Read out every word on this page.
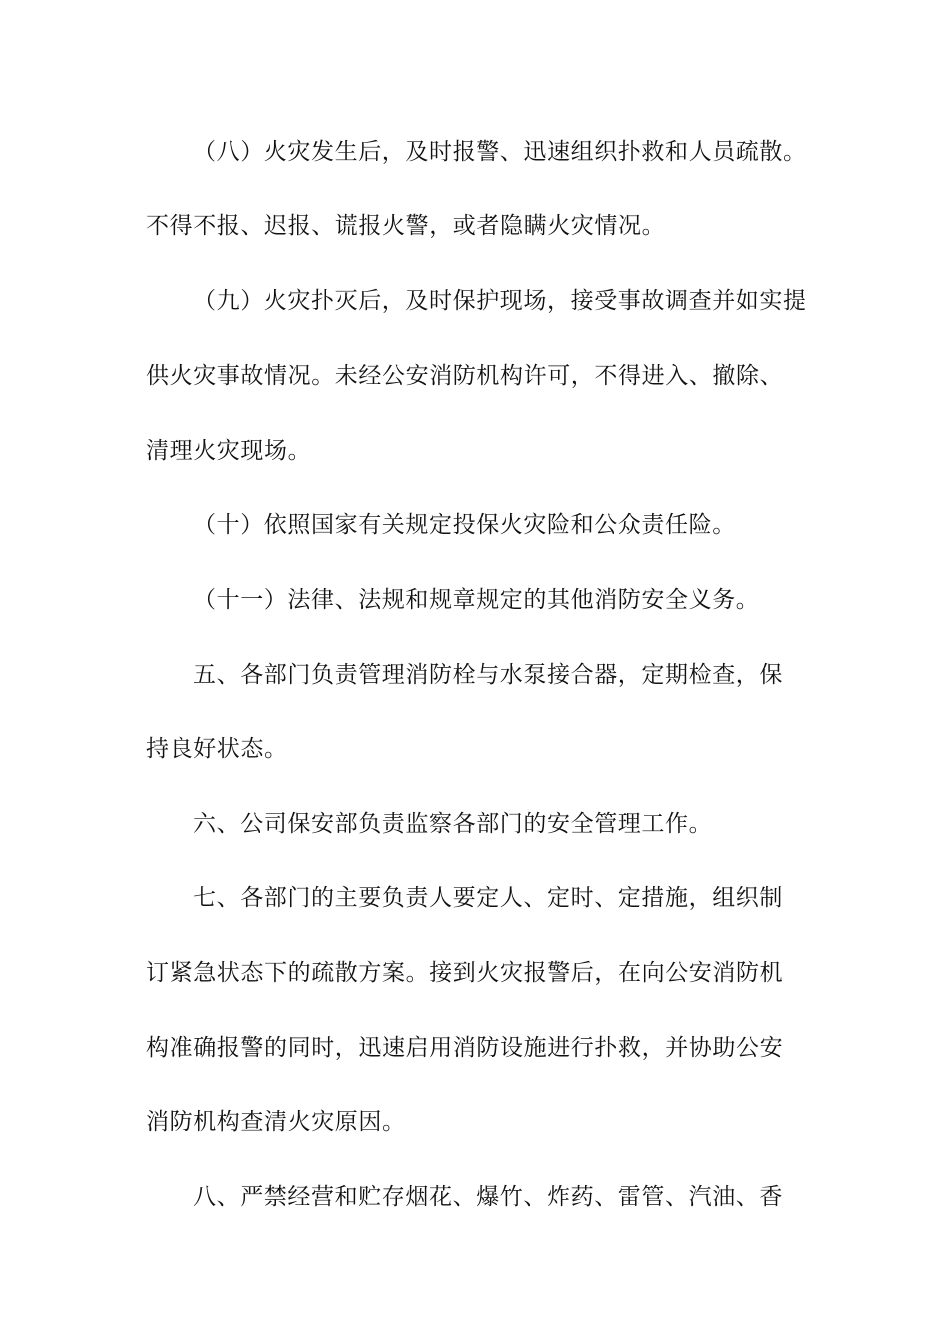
（八）火灾发生后，及时报警、迅速组织扑救和人员疏散。
不得不报、迟报、谎报火警，或者隐瞒火灾情况。
（九）火灾扑灭后，及时保护现场，接受事故调查并如实提
供火灾事故情况。未经公安消防机构许可，不得进入、撤除、
清理火灾现场。
（十）依照国家有关规定投保火灾险和公众责任险。
（十一）法律、法规和规章规定的其他消防安全义务。
五、各部门负责管理消防栓与水泵接合器，定期检查，保
持良好状态。
六、公司保安部负责监察各部门的安全管理工作。
七、各部门的主要负责人要定人、定时、定措施，组织制
订紧急状态下的疏散方案。接到火灾报警后，在向公安消防机
构准确报警的同时，迅速启用消防设施进行扑救，并协助公安
消防机构查清火灾原因。
八、严禁经营和贮存烟花、爆竹、炸药、雷管、汽油、香
